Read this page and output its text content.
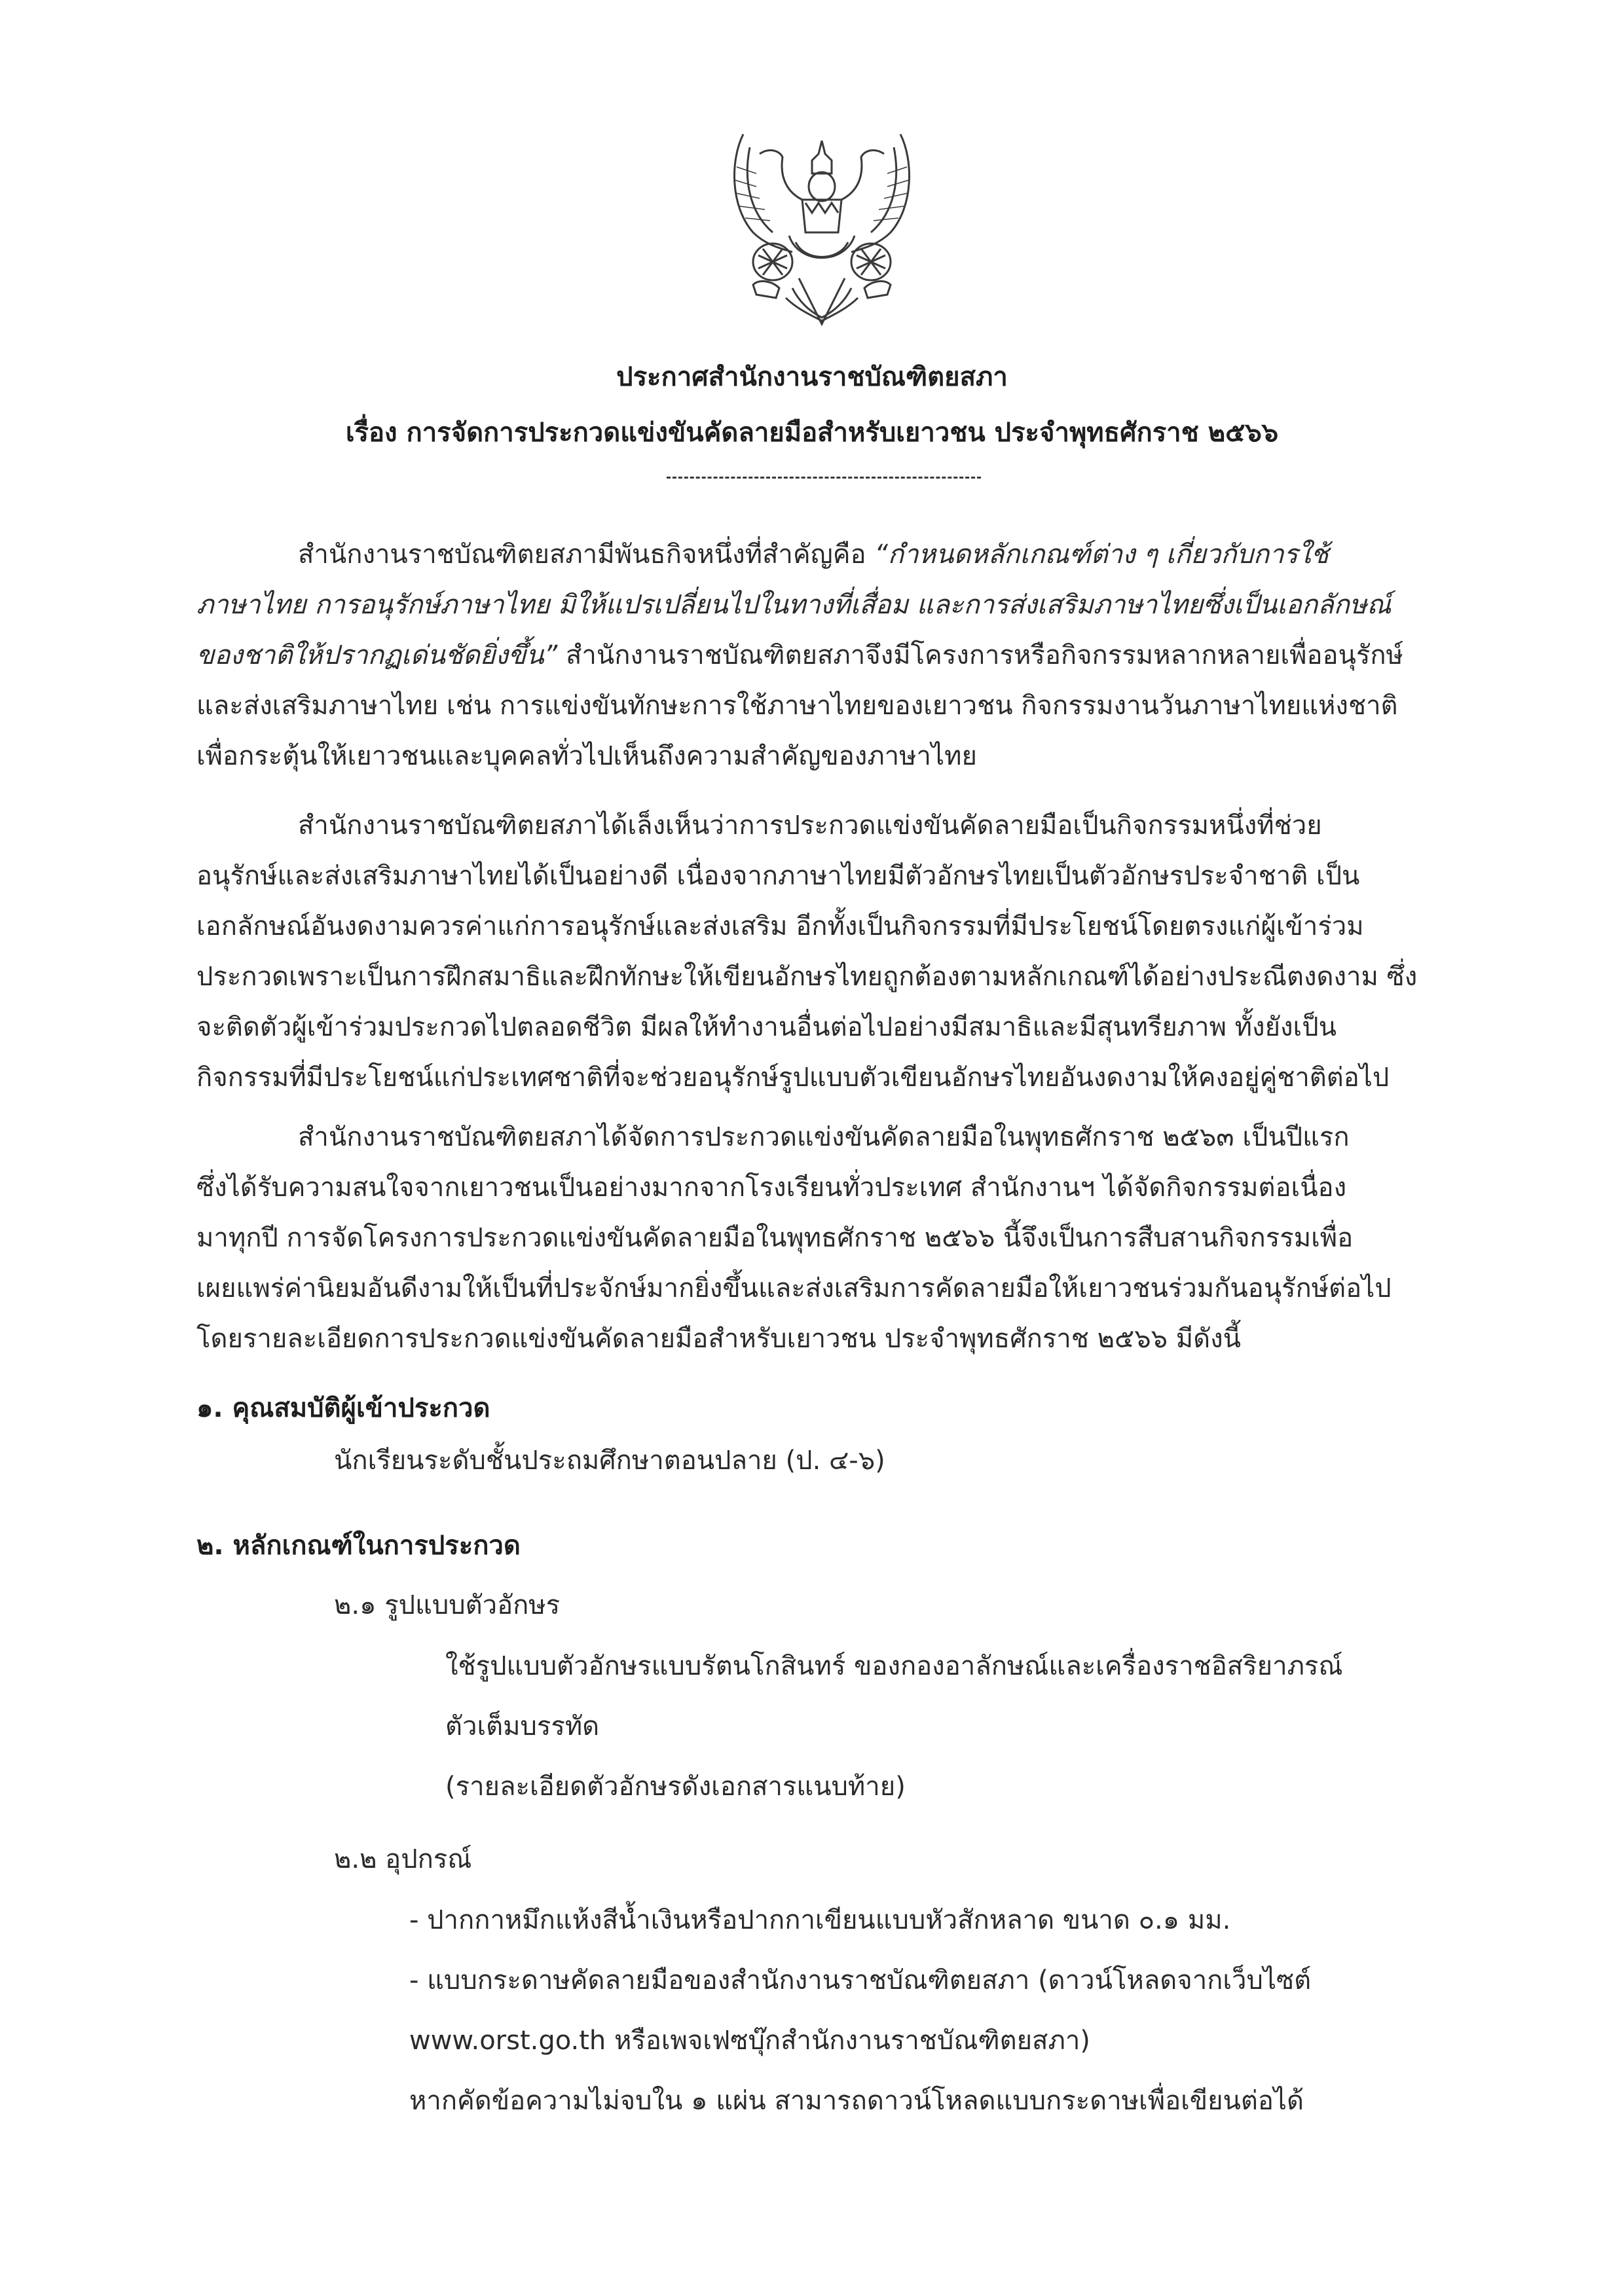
ประกาศสำนักงานราชบัณฑิตยสภา
เรื่อง การจัดการประกวดแข่งขันคัดลายมือสำหรับเยาวชน ประจำพุทธศักราช ๒๕๖๖
สำนักงานราชบัณฑิตยสภามีพันธกิจหนึ่งที่สำคัญคือ “กำหนดหลักเกณฑ์ต่าง ๆ เกี่ยวกับการใช้
ภาษาไทย การอนุรักษ์ภาษาไทย มิให้แปรเปลี่ยนไปในทางที่เสื่อม และการส่งเสริมภาษาไทยซึ่งเป็นเอกลักษณ์
ของชาติให้ปรากฏเด่นชัดยิ่งขึ้น” สำนักงานราชบัณฑิตยสภาจึงมีโครงการหรือกิจกรรมหลากหลายเพื่ออนุรักษ์
และส่งเสริมภาษาไทย เช่น การแข่งขันทักษะการใช้ภาษาไทยของเยาวชน กิจกรรมงานวันภาษาไทยแห่งชาติ
เพื่อกระตุ้นให้เยาวชนและบุคคลทั่วไปเห็นถึงความสำคัญของภาษาไทย
สำนักงานราชบัณฑิตยสภาได้เล็งเห็นว่าการประกวดแข่งขันคัดลายมือเป็นกิจกรรมหนึ่งที่ช่วย
อนุรักษ์และส่งเสริมภาษาไทยได้เป็นอย่างดี เนื่องจากภาษาไทยมีตัวอักษรไทยเป็นตัวอักษรประจำชาติ เป็น
เอกลักษณ์อันงดงามควรค่าแก่การอนุรักษ์และส่งเสริม อีกทั้งเป็นกิจกรรมที่มีประโยชน์โดยตรงแก่ผู้เข้าร่วม
ประกวดเพราะเป็นการฝึกสมาธิและฝึกทักษะให้เขียนอักษรไทยถูกต้องตามหลักเกณฑ์ได้อย่างประณีตงดงาม ซึ่ง
จะติดตัวผู้เข้าร่วมประกวดไปตลอดชีวิต มีผลให้ทำงานอื่นต่อไปอย่างมีสมาธิและมีสุนทรียภาพ ทั้งยังเป็น
กิจกรรมที่มีประโยชน์แก่ประเทศชาติที่จะช่วยอนุรักษ์รูปแบบตัวเขียนอักษรไทยอันงดงามให้คงอยู่คู่ชาติต่อไป
สำนักงานราชบัณฑิตยสภาได้จัดการประกวดแข่งขันคัดลายมือในพุทธศักราช ๒๕๖๓ เป็นปีแรก
ซึ่งได้รับความสนใจจากเยาวชนเป็นอย่างมากจากโรงเรียนทั่วประเทศ สำนักงานฯ ได้จัดกิจกรรมต่อเนื่อง
มาทุกปี การจัดโครงการประกวดแข่งขันคัดลายมือในพุทธศักราช ๒๕๖๖ นี้จึงเป็นการสืบสานกิจกรรมเพื่อ
เผยแพร่ค่านิยมอันดีงามให้เป็นที่ประจักษ์มากยิ่งขึ้นและส่งเสริมการคัดลายมือให้เยาวชนร่วมกันอนุรักษ์ต่อไป
โดยรายละเอียดการประกวดแข่งขันคัดลายมือสำหรับเยาวชน ประจำพุทธศักราช ๒๕๖๖ มีดังนี้
๑. คุณสมบัติผู้เข้าประกวด
นักเรียนระดับชั้นประถมศึกษาตอนปลาย (ป. ๔-๖)
๒. หลักเกณฑ์ในการประกวด
๒.๑ รูปแบบตัวอักษร
ใช้รูปแบบตัวอักษรแบบรัตนโกสินทร์ ของกองอาลักษณ์และเครื่องราชอิสริยาภรณ์
ตัวเต็มบรรทัด
(รายละเอียดตัวอักษรดังเอกสารแนบท้าย)
๒.๒ อุปกรณ์
- ปากกาหมึกแห้งสีน้ำเงินหรือปากกาเขียนแบบหัวสักหลาด ขนาด ๐.๑ มม.
- แบบกระดาษคัดลายมือของสำนักงานราชบัณฑิตยสภา (ดาวน์โหลดจากเว็บไซต์
www.orst.go.th หรือเพจเฟซบุ๊กสำนักงานราชบัณฑิตยสภา)
หากคัดข้อความไม่จบใน ๑ แผ่น สามารถดาวน์โหลดแบบกระดาษเพื่อเขียนต่อได้
